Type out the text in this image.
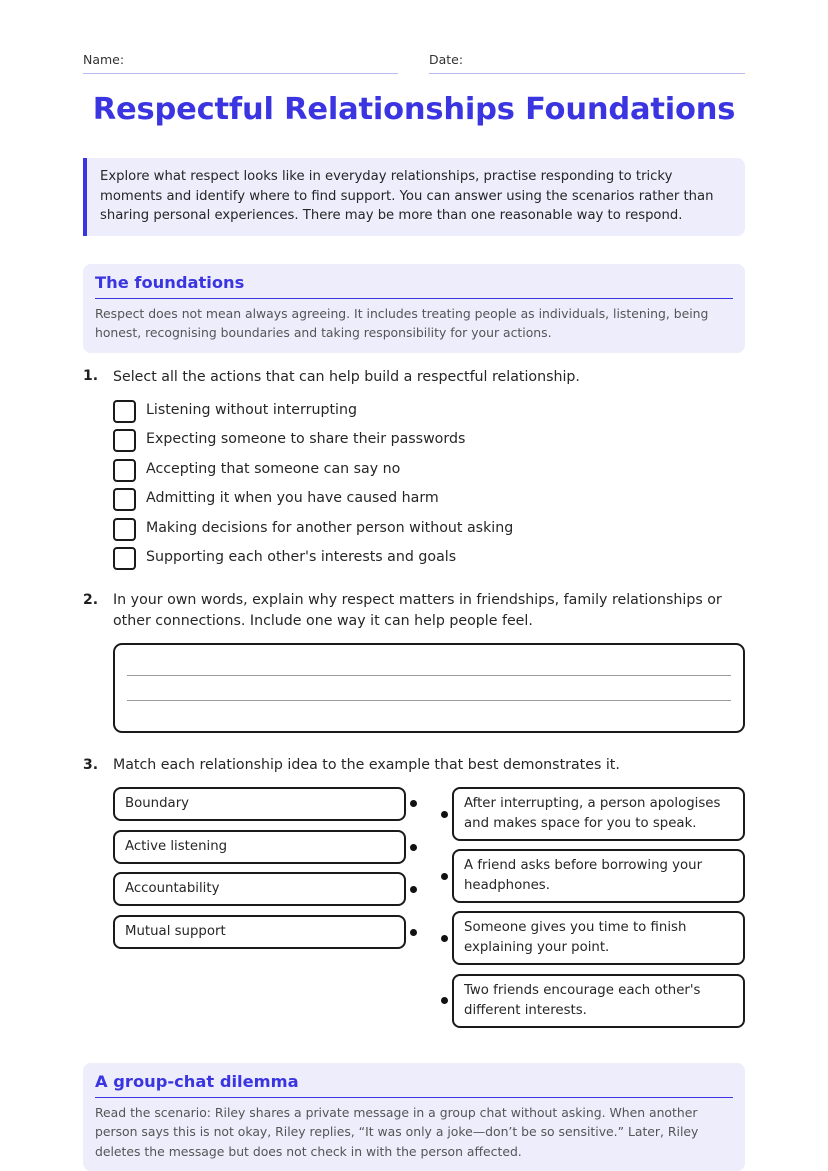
Name:	Date:
Respectful Relationships Foundations
Explore what respect looks like in everyday relationships, practise responding to tricky moments and identify where to find support. You can answer using the scenarios rather than sharing personal experiences. There may be more than one reasonable way to respond.
The foundations

Respect does not mean always agreeing. It includes treating people as individuals, listening, being honest, recognising boundaries and taking responsibility for your actions.

1. Select all the actions that can help build a respectful relationship.
Listening without interrupting
Expecting someone to share their passwords
Accepting that someone can say no
Admitting it when you have caused harm
Making decisions for another person without asking
Supporting each other's interests and goals
2. In your own words, explain why respect matters in friendships, family relationships or other connections. Include one way it can help people feel.
3. Match each relationship idea to the example that best demonstrates it.
Boundary
Active listening
Accountability
Mutual support
After interrupting, a person apologises and makes space for you to speak.
A friend asks before borrowing your headphones.
Someone gives you time to finish explaining your point.
Two friends encourage each other's different interests.
A group-chat dilemma

Read the scenario: Riley shares a private message in a group chat without asking. When another person says this is not okay, Riley replies, “It was only a joke—don’t be so sensitive.” Later, Riley deletes the message but does not check in with the person affected.
